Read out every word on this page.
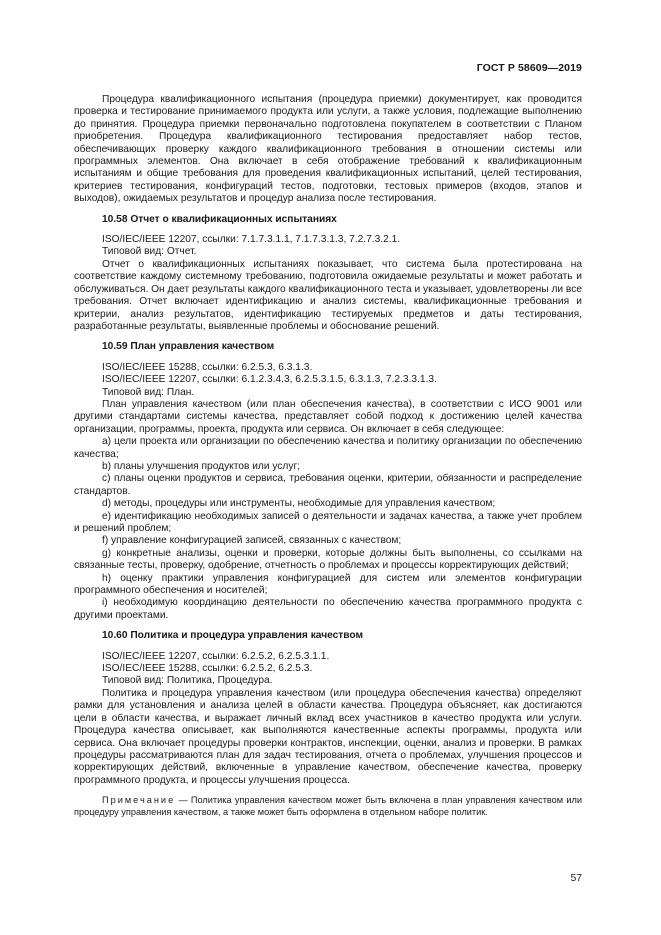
ГОСТ Р 58609—2019

Процедура квалификационного испытания (процедура приемки) документирует, как проводится проверка и тестирование принимаемого продукта или услуги, а также условия, подлежащие выполнению до принятия. Процедура приемки первоначально подготовлена покупателем в соответствии с Планом приобретения. Процедура квалификационного тестирования предоставляет набор тестов, обеспечивающих проверку каждого квалификационного требования в отношении системы или программных элементов. Она включает в себя отображение требований к квалификационным испытаниям и общие требования для проведения квалификационных испытаний, целей тестирования, критериев тестирования, конфигураций тестов, подготовки, тестовых примеров (входов, этапов и выходов), ожидаемых результатов и процедур анализа после тестирования.

10.58 Отчет о квалификационных испытаниях

ISO/IEC/IEEE 12207, ссылки: 7.1.7.3.1.1, 7.1.7.3.1.3, 7.2.7.3.2.1.

Типовой вид: Отчет.

Отчет о квалификационных испытаниях показывает, что система была протестирована на соответствие каждому системному требованию, подготовила ожидаемые результаты и может работать и обслуживаться. Он дает результаты каждого квалификационного теста и указывает, удовлетворены ли все требования. Отчет включает идентификацию и анализ системы, квалификационные требования и критерии, анализ результатов, идентификацию тестируемых предметов и даты тестирования, разработанные результаты, выявленные проблемы и обоснование решений.

10.59 План управления качеством

ISO/IEC/IEEE 15288, ссылки: 6.2.5.3, 6.3.1.3.

ISO/IEC/IEEE 12207, ссылки: 6.1.2.3.4.3, 6.2.5.3.1.5, 6.3.1.3, 7.2.3.3.1.3.

Типовой вид: План.

План управления качеством (или план обеспечения качества), в соответствии с ИСО 9001 или другими стандартами системы качества, представляет собой подход к достижению целей качества организации, программы, проекта, продукта или сервиса. Он включает в себя следующее:

a) цели проекта или организации по обеспечению качества и политику организации по обеспечению качества;

b) планы улучшения продуктов или услуг;

c) планы оценки продуктов и сервиса, требования оценки, критерии, обязанности и распределение стандартов.

d) методы, процедуры или инструменты, необходимые для управления качеством;

e) идентификацию необходимых записей о деятельности и задачах качества, а также учет проблем и решений проблем;

f) управление конфигурацией записей, связанных с качеством;

g) конкретные анализы, оценки и проверки, которые должны быть выполнены, со ссылками на связанные тесты, проверку, одобрение, отчетность о проблемах и процессы корректирующих действий;

h) оценку практики управления конфигурацией для систем или элементов конфигурации программного обеспечения и носителей;

i) необходимую координацию деятельности по обеспечению качества программного продукта с другими проектами.

10.60 Политика и процедура управления качеством

ISO/IEC/IEEE 12207, ссылки: 6.2.5.2, 6.2.5.3.1.1.

ISO/IEC/IEEE 15288, ссылки: 6.2.5.2, 6.2.5.3.

Типовой вид: Политика, Процедура.

Политика и процедура управления качеством (или процедура обеспечения качества) определяют рамки для установления и анализа целей в области качества. Процедура объясняет, как достигаются цели в области качества, и выражает личный вклад всех участников в качество продукта или услуги. Процедура качества описывает, как выполняются качественные аспекты программы, продукта или сервиса. Она включает процедуры проверки контрактов, инспекции, оценки, анализ и проверки. В рамках процедуры рассматриваются план для задач тестирования, отчета о проблемах, улучшения процессов и корректирующих действий, включенные в управление качеством, обеспечение качества, проверку программного продукта, и процессы улучшения процесса.

Примечание — Политика управления качеством может быть включена в план управления качеством или процедуру управления качеством, а также может быть оформлена в отдельном наборе политик.

57
